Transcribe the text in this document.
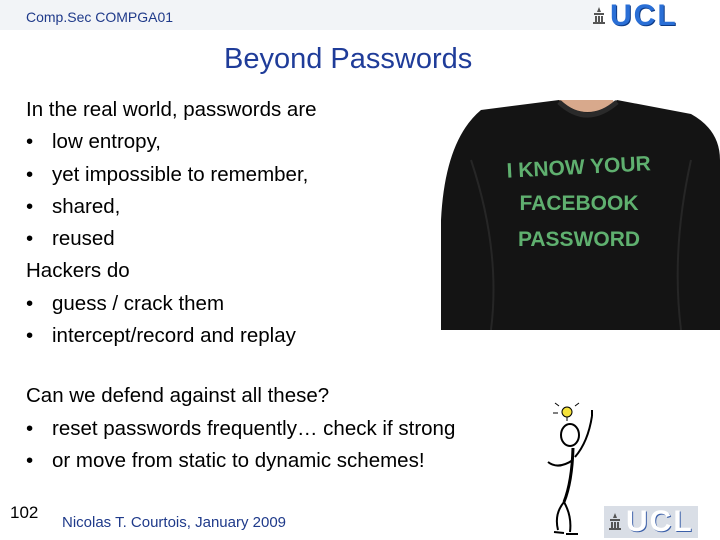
Comp.Sec COMPGA01	UCL
Beyond Passwords
In the real world, passwords are
• low entropy,
• yet impossible to remember,
• shared,
• reused
Hackers do
• guess / crack them
• intercept/record and replay
Can we defend against all these?
• reset passwords frequently… check if strong
• or move from static to dynamic schemes!
I KNOW YOUR
FACEBOOK
PASSWORD
102
Nicolas T. Courtois, January 2009	UCL
